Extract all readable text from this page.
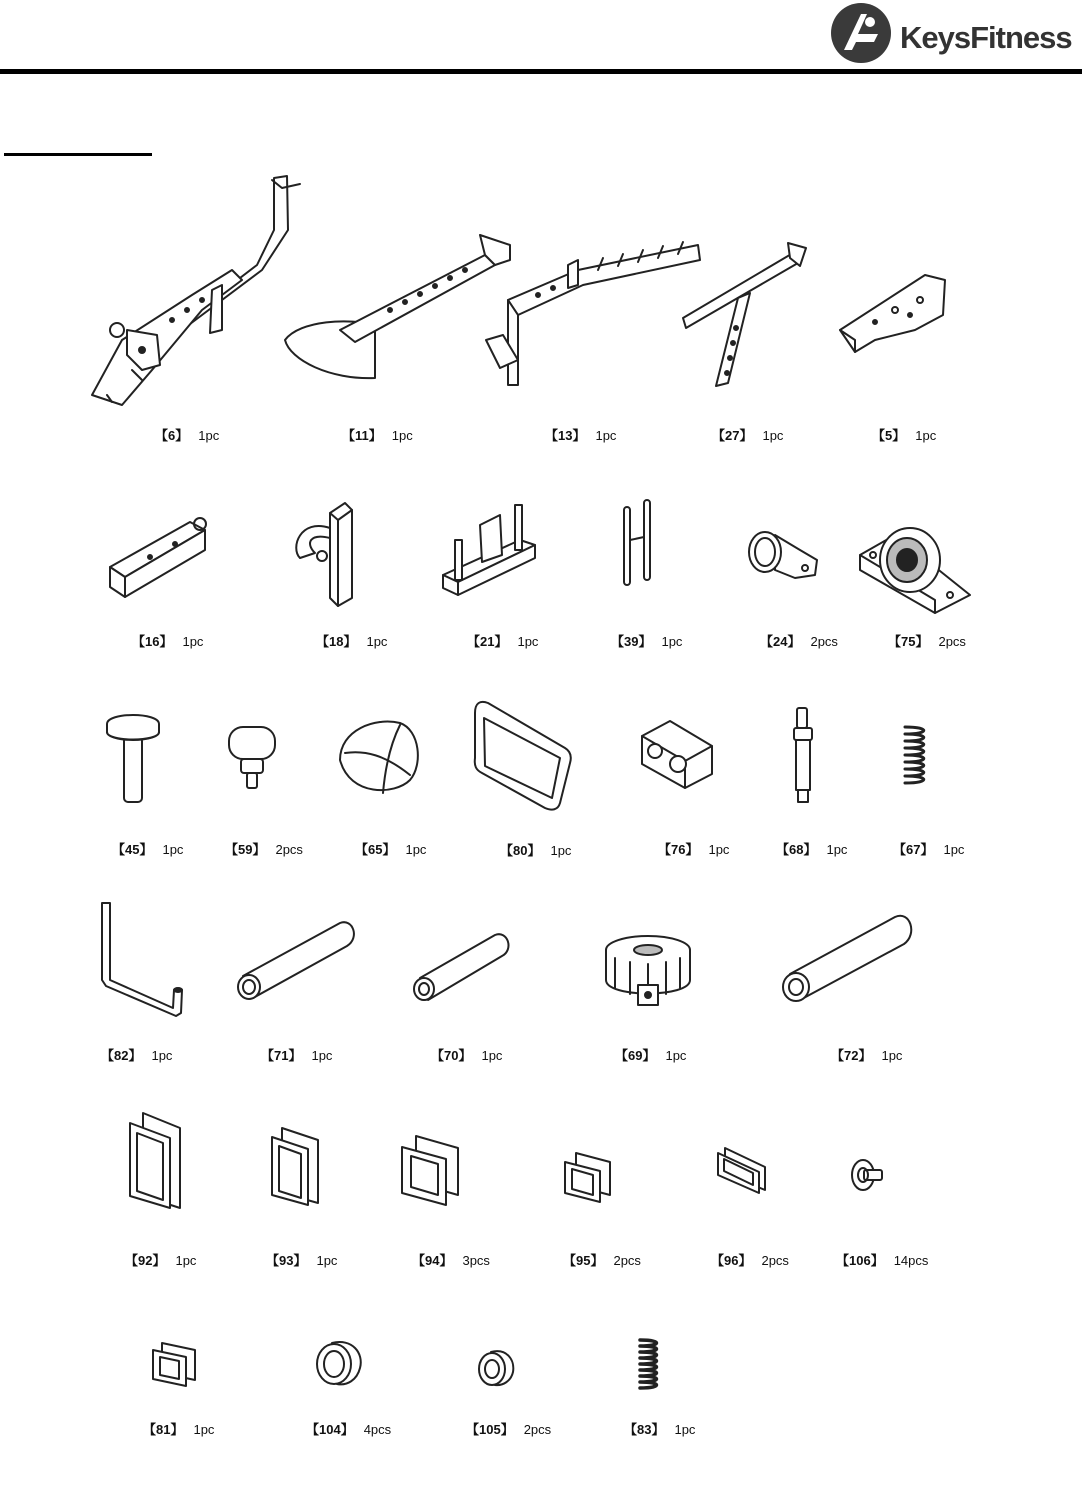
KeysFitness
【6】 1pc	【11】 1pc	【13】 1pc	【27】 1pc	【5】 1pc
【16】 1pc	【18】 1pc	【21】 1pc	【39】 1pc	【24】 2pcs	【75】 2pcs
【45】 1pc	【59】 2pcs	【65】 1pc	【80】 1pc	【76】 1pc	【68】 1pc	【67】 1pc
【82】 1pc	【71】 1pc	【70】 1pc	【69】 1pc	【72】 1pc
【92】 1pc	【93】 1pc	【94】 3pcs	【95】 2pcs	【96】 2pcs	【106】 14pcs
【81】 1pc	【104】 4pcs	【105】 2pcs	【83】 1pc
